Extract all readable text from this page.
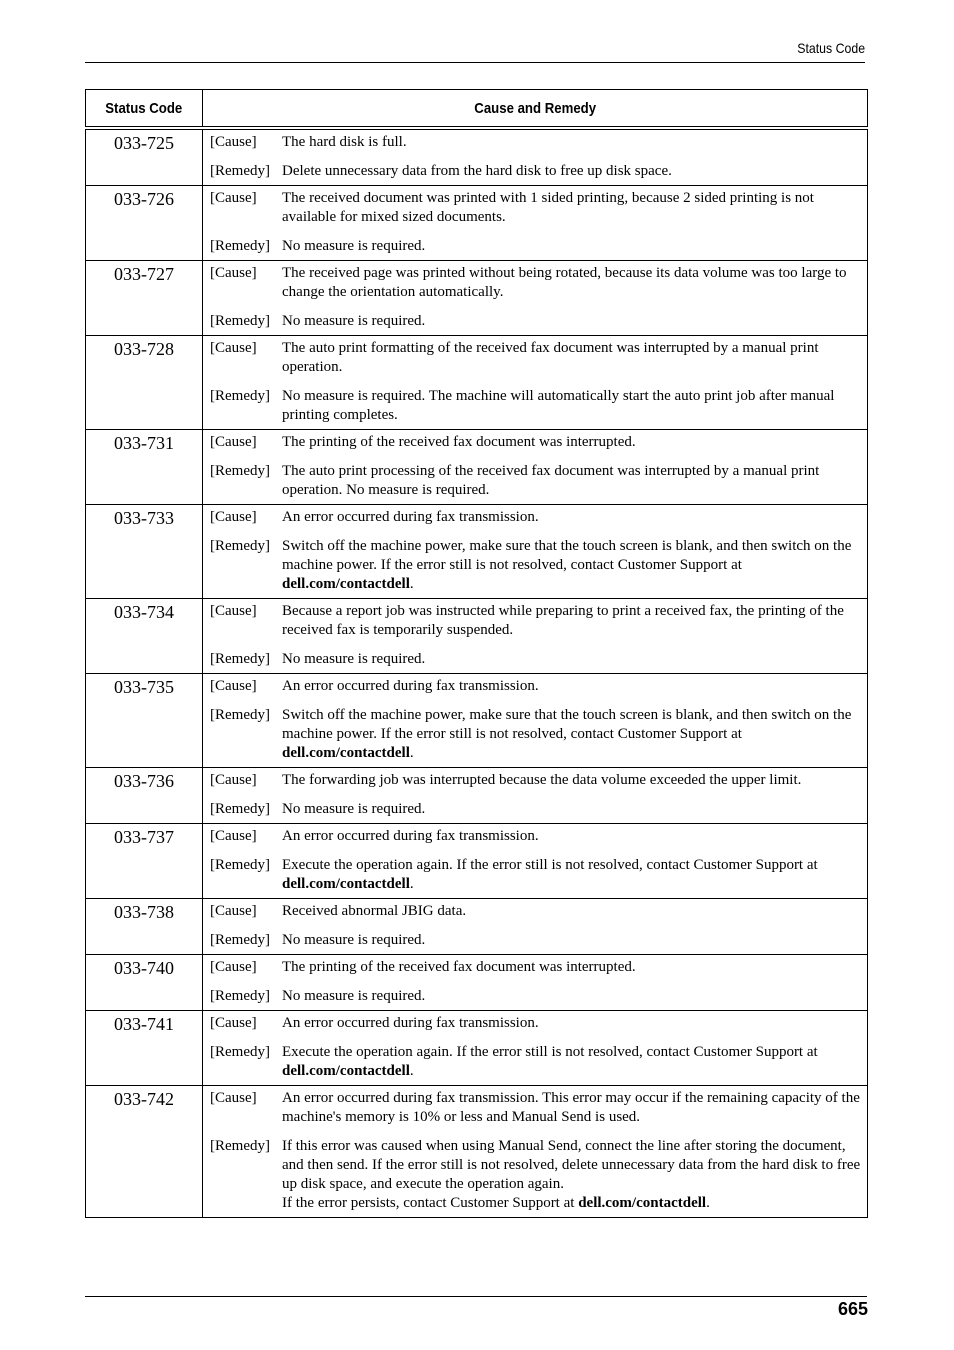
Status Code
Status Code	Cause and Remedy
033-725	[Cause] The hard disk is full.
[Remedy] Delete unnecessary data from the hard disk to free up disk space.

033-726	[Cause] The received document was printed with 1 sided printing, because 2 sided printing is not available for mixed sized documents.
[Remedy] No measure is required.

033-727	[Cause] The received page was printed without being rotated, because its data volume was too large to change the orientation automatically.
[Remedy] No measure is required.

033-728	[Cause] The auto print formatting of the received fax document was interrupted by a manual print operation.
[Remedy] No measure is required. The machine will automatically start the auto print job after manual printing completes.

033-731	[Cause] The printing of the received fax document was interrupted.
[Remedy] The auto print processing of the received fax document was interrupted by a manual print operation. No measure is required.

033-733	[Cause] An error occurred during fax transmission.
[Remedy] Switch off the machine power, make sure that the touch screen is blank, and then switch on the machine power. If the error still is not resolved, contact Customer Support at dell.com/contactdell.

033-734	[Cause] Because a report job was instructed while preparing to print a received fax, the printing of the received fax is temporarily suspended.
[Remedy] No measure is required.

033-735	[Cause] An error occurred during fax transmission.
[Remedy] Switch off the machine power, make sure that the touch screen is blank, and then switch on the machine power. If the error still is not resolved, contact Customer Support at dell.com/contactdell.

033-736	[Cause] The forwarding job was interrupted because the data volume exceeded the upper limit.
[Remedy] No measure is required.

033-737	[Cause] An error occurred during fax transmission.
[Remedy] Execute the operation again. If the error still is not resolved, contact Customer Support at dell.com/contactdell.

033-738	[Cause] Received abnormal JBIG data.
[Remedy] No measure is required.

033-740	[Cause] The printing of the received fax document was interrupted.
[Remedy] No measure is required.

033-741	[Cause] An error occurred during fax transmission.
[Remedy] Execute the operation again. If the error still is not resolved, contact Customer Support at dell.com/contactdell.

033-742	[Cause] An error occurred during fax transmission. This error may occur if the remaining capacity of the machine's memory is 10% or less and Manual Send is used.
[Remedy] If this error was caused when using Manual Send, connect the line after storing the document, and then send. If the error still is not resolved, delete unnecessary data from the hard disk to free up disk space, and execute the operation again.
If the error persists, contact Customer Support at dell.com/contactdell.
665
